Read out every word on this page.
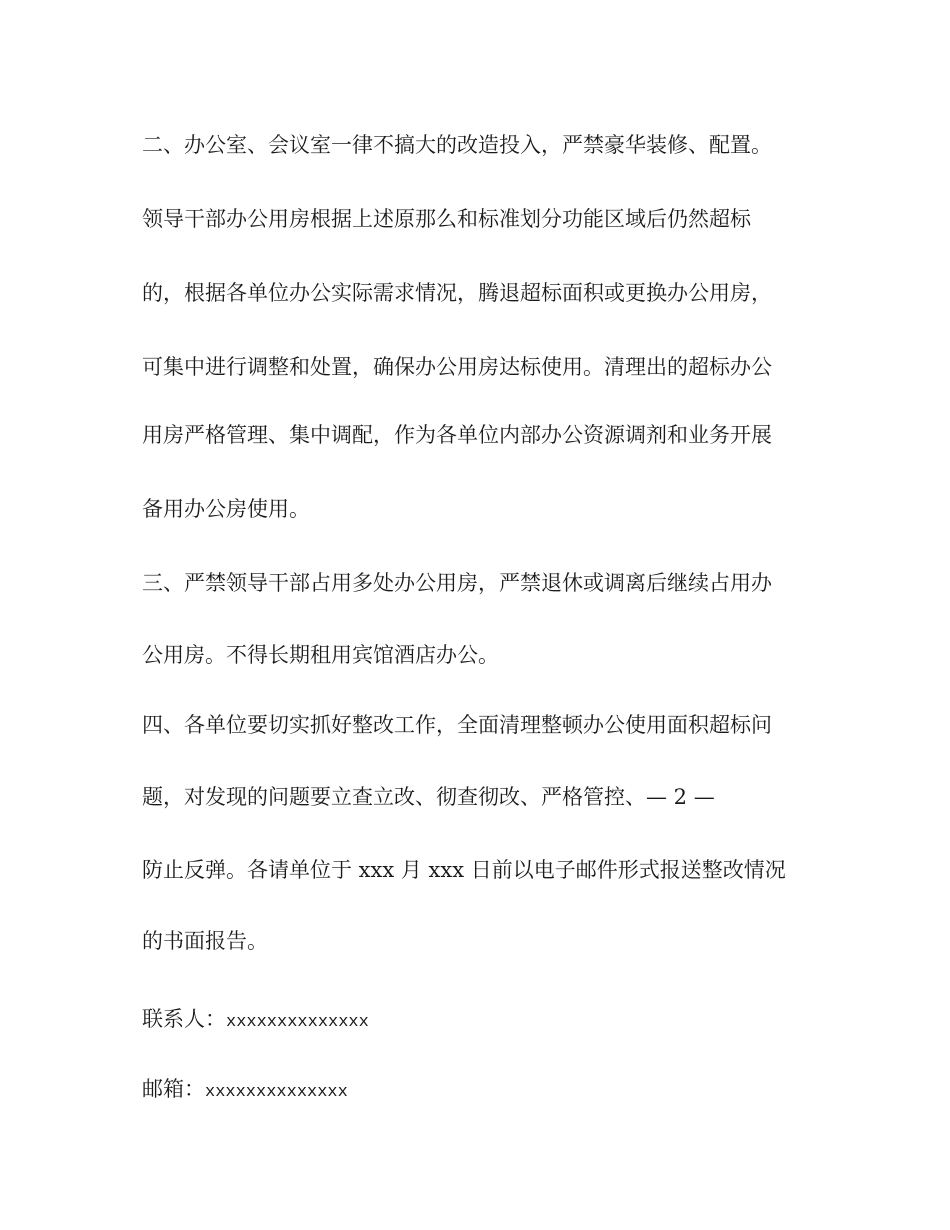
二、办公室、会议室一律不搞大的改造投入，严禁豪华装修、配置。
领导干部办公用房根据上述原那么和标准划分功能区域后仍然超标
的，根据各单位办公实际需求情况，腾退超标面积或更换办公用房，
可集中进行调整和处置，确保办公用房达标使用。清理出的超标办公
用房严格管理、集中调配，作为各单位内部办公资源调剂和业务开展
备用办公房使用。
三、严禁领导干部占用多处办公用房，严禁退休或调离后继续占用办
公用房。不得长期租用宾馆酒店办公。
四、各单位要切实抓好整改工作，全面清理整顿办公使用面积超标问
题，对发现的问题要立查立改、彻查彻改、严格管控、— 2 —
防止反弹。各请单位于 xxx 月 xxx 日前以电子邮件形式报送整改情况
的书面报告。
联系人：xxxxxxxxxxxxxx
邮箱：xxxxxxxxxxxxxx
